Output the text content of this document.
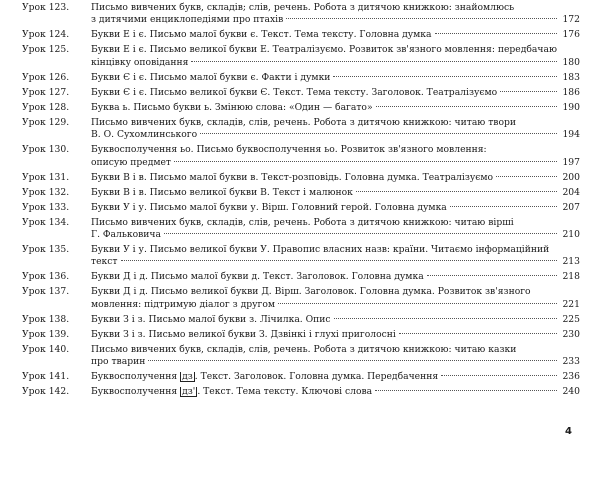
Урок 123.	Письмо вивчених букв, складів; слів, речень. Робота з дитячою книжкою: знайомлюсь
з дитячими енциклопедіями про птахів	172
Урок 124.	Букви Е і є. Письмо малої букви є. Текст. Тема тексту. Головна думка	176
Урок 125.	Букви Е і є. Письмо великої букви Е. Театралізуємо. Розвиток зв'язного мовлення: передбачаю
кінцівку оповідання	180
Урок 126.	Букви Є і є. Письмо малої букви є. Факти і думки	183
Урок 127.	Букви Є і є. Письмо великої букви Є. Текст. Тема тексту. Заголовок. Театралізуємо	186
Урок 128.	Буква ь. Письмо букви ь. Змінюю слова: «Один — багато»	190
Урок 129.	Письмо вивчених букв, складів, слів, речень. Робота з дитячою книжкою: читаю твори
В. О. Сухомлинського	194
Урок 130.	Буквосполучення ьо. Письмо буквосполучення ьо. Розвиток зв'язного мовлення:
описую предмет	197
Урок 131.	Букви В і в. Письмо малої букви в. Текст-розповідь. Головна думка. Театралізуємо	200
Урок 132.	Букви В і в. Письмо великої букви В. Текст і малюнок	204
Урок 133.	Букви У і у. Письмо малої букви у. Вірш. Головний герой. Головна думка	207
Урок 134.	Письмо вивчених букв, складів, слів, речень. Робота з дитячою книжкою: читаю вірші
Г. Фальковича	210
Урок 135.	Букви У і у. Письмо великої букви У. Правопис власних назв: країни. Читаємо інформаційний
текст	213
Урок 136.	Букви Д і д. Письмо малої букви д. Текст. Заголовок. Головна думка	218
Урок 137.	Букви Д і д. Письмо великої букви Д. Вірш. Заголовок. Головна думка. Розвиток зв'язного
мовлення: підтримую діалог з другом	221
Урок 138.	Букви З і з. Письмо малої букви з. Лічилка. Опис	225
Урок 139.	Букви З і з. Письмо великої букви З. Дзвінкі і глухі приголосні	230
Урок 140.	Письмо вивчених букв, складів, слів, речень. Робота з дитячою книжкою: читаю казки
про тварин	233
Урок 141.	Буквосполучення дз . Текст. Заголовок. Головна думка. Передбачення	236
Урок 142.	Буквосполучення дз' . Текст. Тема тексту. Ключові слова	240
4
